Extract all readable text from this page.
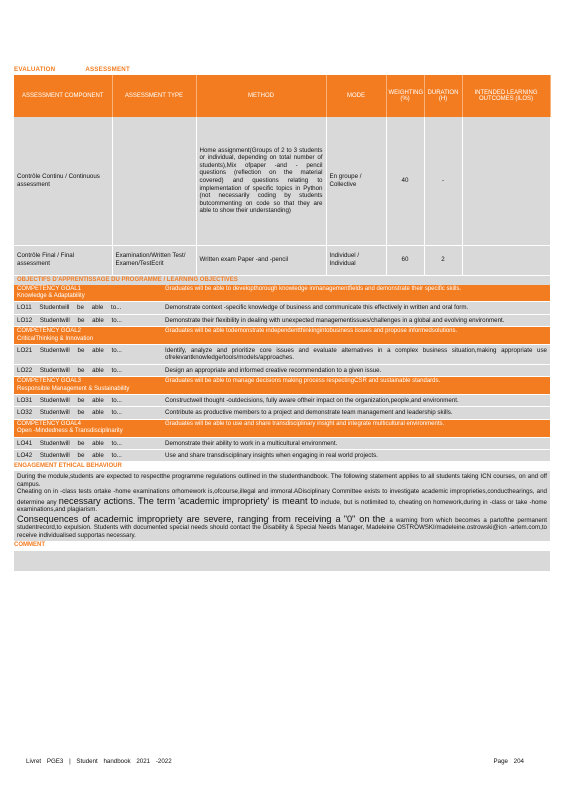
EVALUATION	ASSESSMENT
ASSESSMENT COMPONENT	ASSESSMENT TYPE	METHOD	MODE	WEIGHTING (%)	DURATION (H)	INTENDED LEARNING OUTCOMES (ILOS)
Contrôle Continu / Continuous assessment		Home assignment(Groups of 2 to 3 students or individual, depending on total number of students),Mix ofpaper -and - pencil questions (reflection on the material covered) and questions relating to implementation of specific topics in Python (not necessarily coding by students butcommenting on code so that they are able to show their understanding)	En groupe / Collective	40	-	
Contrôle Final / Final assessment	Examination/Written Test/ Examen/TestEcrit	Written exam Paper -and -pencil	Individuel / Individual	60	2	
OBJECTIFS D'APPRENTISSAGE DU PROGRAMME / LEARNING OBJECTIVES
COMPETENCY GOAL1
Knowledge & Adaptability
Graduates will be able to developthorough knowledge inmanagementfields and demonstrate their specific skills.
LO11 Studentwill be able to...	Demonstrate context -specific knowledge of business and communicate this effectively in written and oral form.
LO12 Studentwill be able to...	Demonstrate their flexibility in dealing with unexpected managementissues/challenges in a global and evolving environment.
COMPETENCY GOAL2
CriticalThinking & Innovation
Graduates will be able todemonstrate independentthinkingintobusiness issues and propose informedsolutions.
LO21 Studentwill be able to...	Identify, analyze and prioritize core issues and evaluate alternatives in a complex business situation,making appropriate use ofrelevantknowledge/tools/models/approaches.
LO22 Studentwill be able to...	Design an appropriate and informed creative recommendation to a given issue.
COMPETENCY GOAL3
Responsible Management & Sustainability
Graduates will be able to manage decisions making process respectingCSR and sustainable standards.
LO31 Studentwill be able to...	Constructwell thought -outdecisions, fully aware oftheir impact on the organization,people,and environment.
LO32 Studentwill be able to...	Contribute as productive members to a project and demonstrate team management and leadership skills.
COMPETENCY GOAL4
Open -Mindedness & Transdisciplinarity
Graduates will be able to use and share transdisciplinary insight and integrate multicultural environments.
LO41 Studentwill be able to...	Demonstrate their ability to work in a multicultural environment.
LO42 Studentwill be able to...	Use and share transdisciplinary insights when engaging in real world projects.
ENGAGEMENT ETHICAL BEHAVIOUR
During the module,students are expected to respectthe programme regulations outlined in the studenthandbook. The following statement applies to all students taking ICN courses, on and off campus.
Cheating on in -class tests ortake -home examinations orhomework is,ofcourse,illegal and immoral.ADisciplinary Committee exists to investigate academic improprieties,conducthearings, and determine any necessary actions. The term 'academic impropriety' is meant to include, but is notlimited to, cheating on homework,during in -class or take -home examinations,and plagiarism.
Consequences of academic impropriety are severe, ranging from receiving a "0" on the a warning from which becomes a partofthe permanent studentrecord,to expulsion. Students with documented special needs should contact the Disability & Special Needs Manager, Madeleine OSTROWSKI/madeleine.ostrowski@icn -artem.com,to receive individualised supportas necessary.
COMMENT
Livret PGE3 | Student handbook 2021 -2022	Page 204
